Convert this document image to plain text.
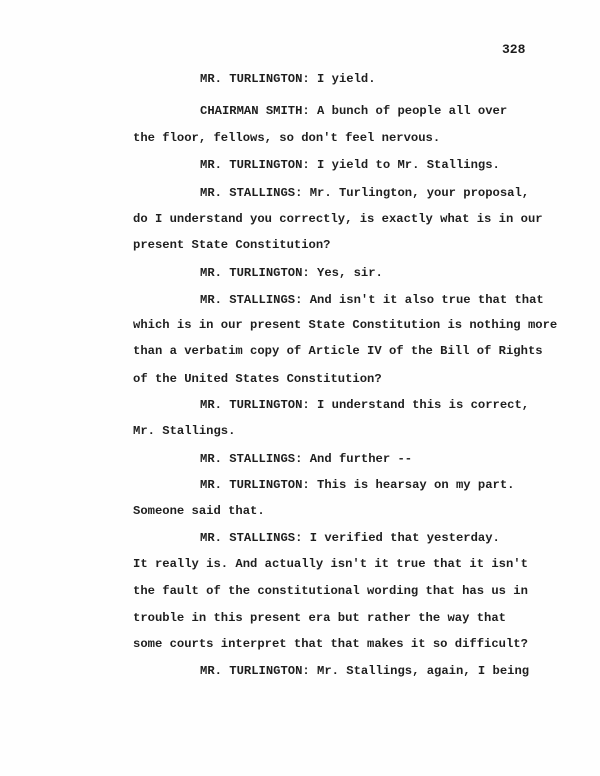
328
MR. TURLINGTON: I yield.
CHAIRMAN SMITH: A bunch of people all over
the floor, fellows, so don't feel nervous.
MR. TURLINGTON: I yield to Mr. Stallings.
MR. STALLINGS: Mr. Turlington, your proposal,
do I understand you correctly, is exactly what is in our
present State Constitution?
MR. TURLINGTON: Yes, sir.
MR. STALLINGS: And isn't it also true that that
which is in our present State Constitution is nothing more
than a verbatim copy of Article IV of the Bill of Rights
of the United States Constitution?
MR. TURLINGTON: I understand this is correct,
Mr. Stallings.
MR. STALLINGS: And further --
MR. TURLINGTON: This is hearsay on my part.
Someone said that.
MR. STALLINGS: I verified that yesterday.
It really is. And actually isn't it true that it isn't
the fault of the constitutional wording that has us in
trouble in this present era but rather the way that
some courts interpret that that makes it so difficult?
MR. TURLINGTON: Mr. Stallings, again, I being
